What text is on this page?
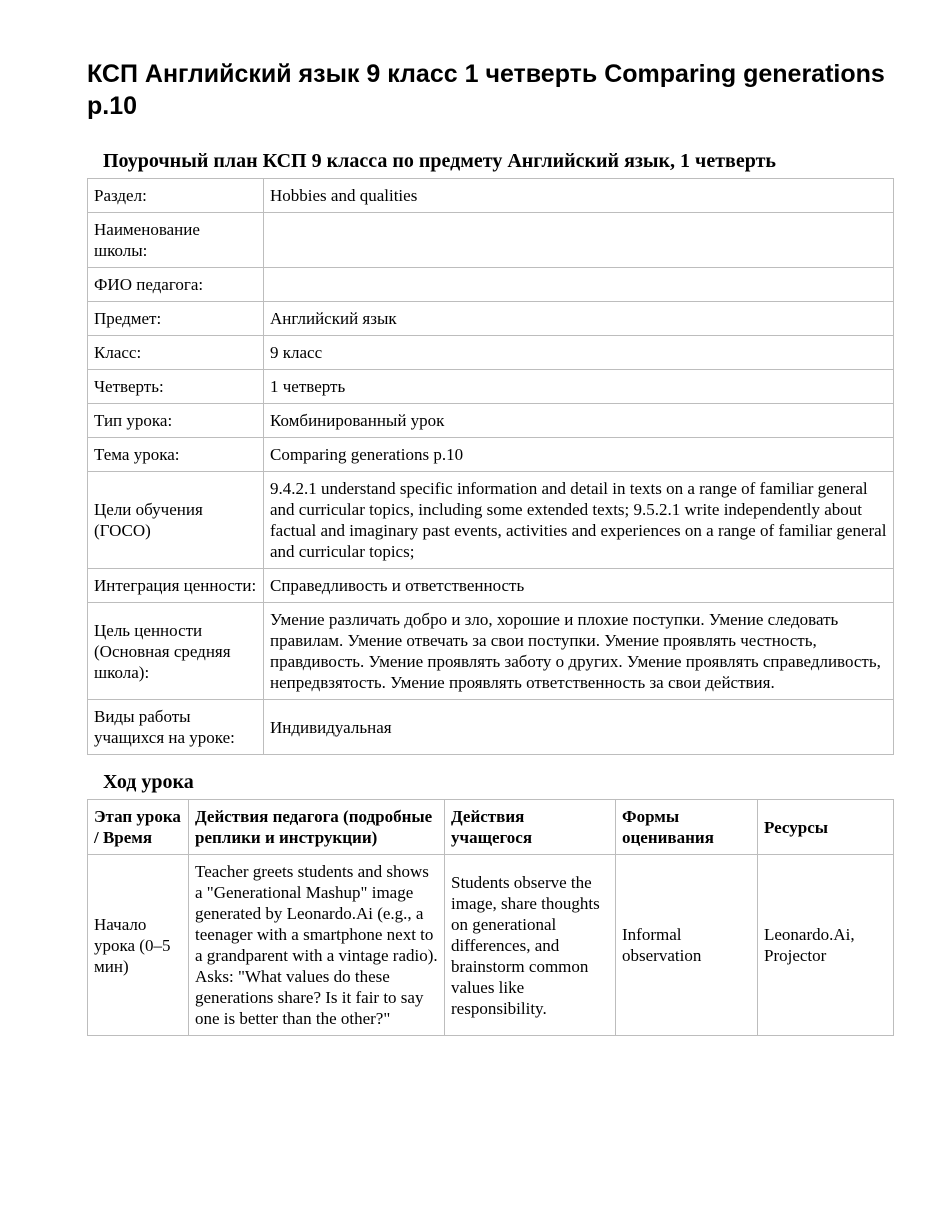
КСП Английский язык 9 класс 1 четверть Comparing generations p.10
Поурочный план КСП 9 класса по предмету Английский язык, 1 четверть
Раздел:	Hobbies and qualities
Наименование школы:	
ФИО педагога:	
Предмет:	Английский язык
Класс:	9 класс
Четверть:	1 четверть
Тип урока:	Комбинированный урок
Тема урока:	Comparing generations p.10
Цели обучения (ГОСО)	9.4.2.1 understand specific information and detail in texts on a range of familiar general and curricular topics, including some extended texts; 9.5.2.1 write independently about factual and imaginary past events, activities and experiences on a range of familiar general and curricular topics;
Интеграция ценности:	Справедливость и ответственность
Цель ценности (Основная средняя школа):	Умение различать добро и зло, хорошие и плохие поступки. Умение следовать правилам. Умение отвечать за свои поступки. Умение проявлять честность, правдивость. Умение проявлять заботу о других. Умение проявлять справедливость, непредвзятость. Умение проявлять ответственность за свои действия.
Виды работы учащихся на уроке:	Индивидуальная
Ход урока
Этап урока / Время	Действия педагога (подробные реплики и инструкции)	Действия учащегося	Формы оценивания	Ресурсы
Начало урока (0–5 мин)	Teacher greets students and shows a "Generational Mashup" image generated by Leonardo.Ai (e.g., a teenager with a smartphone next to a grandparent with a vintage radio). Asks: "What values do these generations share? Is it fair to say one is better than the other?"	Students observe the image, share thoughts on generational differences, and brainstorm common values like responsibility.	Informal observation	Leonardo.Ai, Projector
